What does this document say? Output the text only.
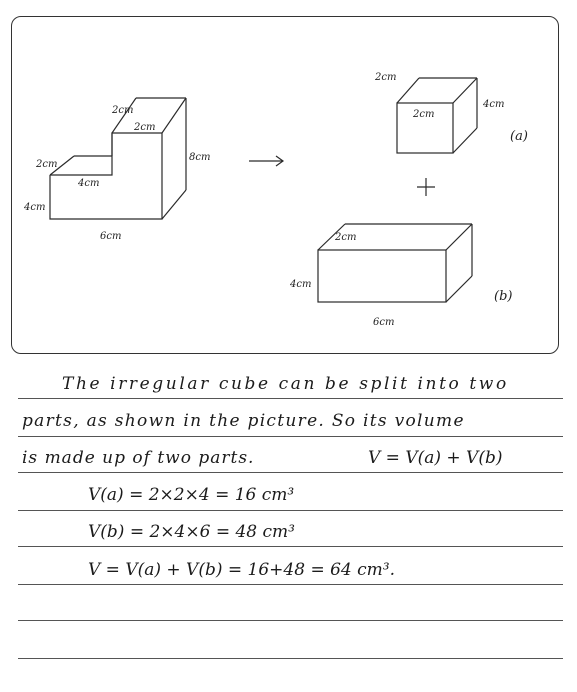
2cm
2cm
8cm
2cm
4cm
4cm
6cm
2cm
2cm
4cm
(a)
2cm
4cm
6cm
(b)
The irregular cube can be split into two
parts, as shown in the picture. So its volume
is made up of two parts.	V = V(a) + V(b)
V(a) = 2×2×4 = 16 cm³
V(b) = 2×4×6 = 48 cm³
V = V(a) + V(b) = 16+48 = 64 cm³.
